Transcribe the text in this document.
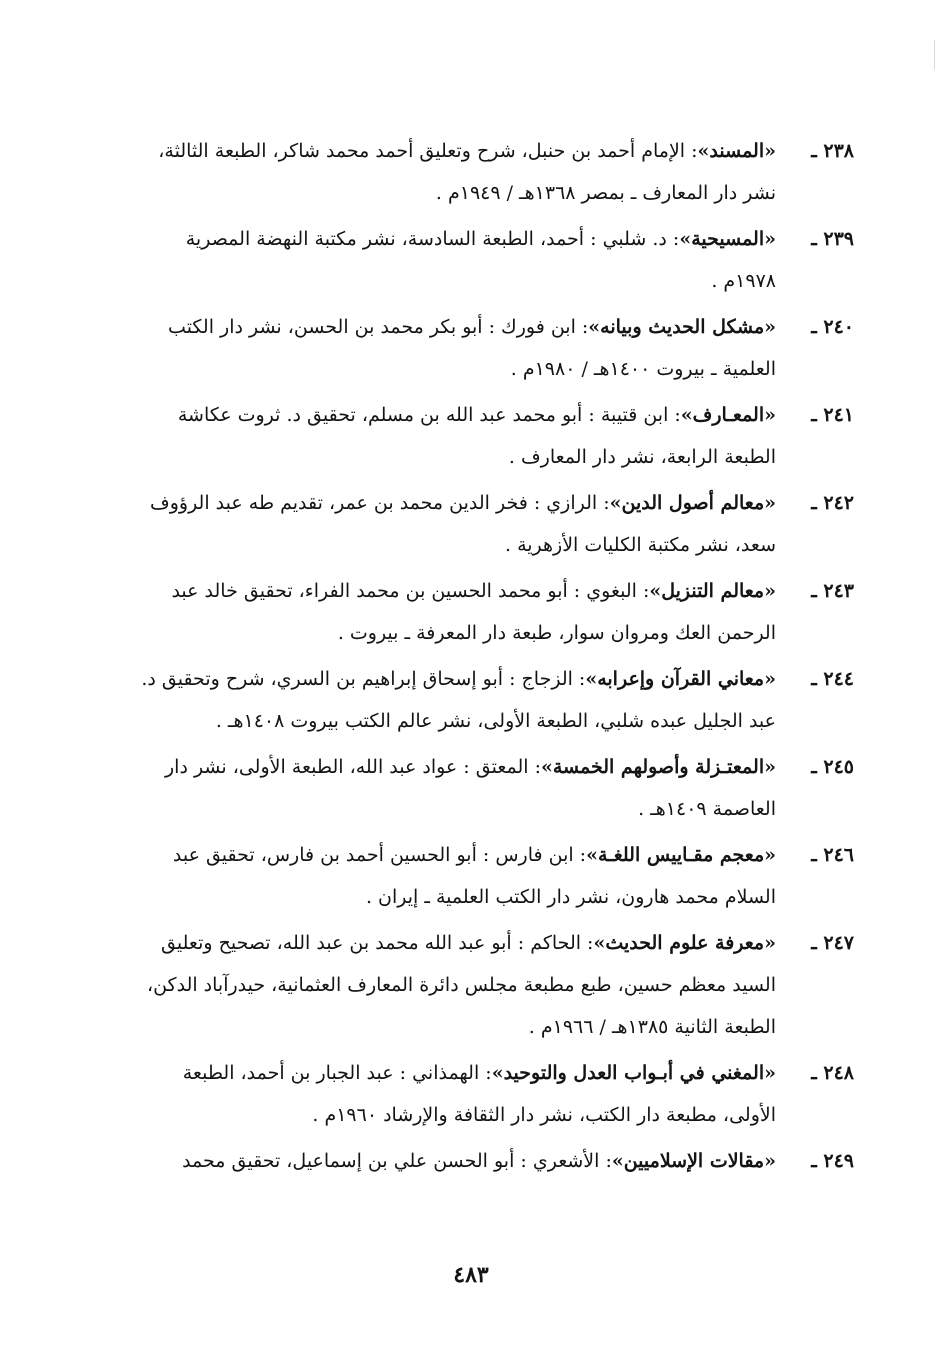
٢٣٨ ـ
«المسند»: الإمام أحمد بن حنبل، شرح وتعليق أحمد محمد شاكر، الطبعة الثالثة،
نشر دار المعارف ـ بمصر ١٣٦٨هـ / ١٩٤٩م .
٢٣٩ ـ
«المسيحية»: د. شلبي : أحمد، الطبعة السادسة، نشر مكتبة النهضة المصرية
١٩٧٨م .
٢٤٠ ـ
«مشكل الحديث وبيانه»: ابن فورك : أبو بكر محمد بن الحسن، نشر دار الكتب
العلمية ـ بيروت ١٤٠٠هـ / ١٩٨٠م .
٢٤١ ـ
«المعـارف»: ابن قتيبة : أبو محمد عبد الله بن مسلم، تحقيق د. ثروت عكاشة
الطبعة الرابعة، نشر دار المعارف .
٢٤٢ ـ
«معالم أصول الدين»: الرازي : فخر الدين محمد بن عمر، تقديم طه عبد الرؤوف
سعد، نشر مكتبة الكليات الأزهرية .
٢٤٣ ـ
«معالم التنزيل»: البغوي : أبو محمد الحسين بن محمد الفراء، تحقيق خالد عبد
الرحمن العك ومروان سوار، طبعة دار المعرفة ـ بيروت .
٢٤٤ ـ
«معاني القرآن وإعرابه»: الزجاج : أبو إسحاق إبراهيم بن السري، شرح وتحقيق د.
عبد الجليل عبده شلبي، الطبعة الأولى، نشر عالم الكتب بيروت ١٤٠٨هـ .
٢٤٥ ـ
«المعتـزلة وأصولهم الخمسة»: المعتق : عواد عبد الله، الطبعة الأولى، نشر دار
العاصمة ١٤٠٩هـ .
٢٤٦ ـ
«معجم مقـاييس اللغـة»: ابن فارس : أبو الحسين أحمد بن فارس، تحقيق عبد
السلام محمد هارون، نشر دار الكتب العلمية ـ إيران .
٢٤٧ ـ
«معرفة علوم الحديث»: الحاكم : أبو عبد الله محمد بن عبد الله، تصحيح وتعليق
السيد معظم حسين، طبع مطبعة مجلس دائرة المعارف العثمانية، حيدرآباد الدكن،
الطبعة الثانية ١٣٨٥هـ / ١٩٦٦م .
٢٤٨ ـ
«المغني في أبـواب العدل والتوحيد»: الهمذاني : عبد الجبار بن أحمد، الطبعة
الأولى، مطبعة دار الكتب، نشر دار الثقافة والإرشاد ١٩٦٠م .
٢٤٩ ـ
«مقالات الإسلاميين»: الأشعري : أبو الحسن علي بن إسماعيل، تحقيق محمد
٤٨٣
